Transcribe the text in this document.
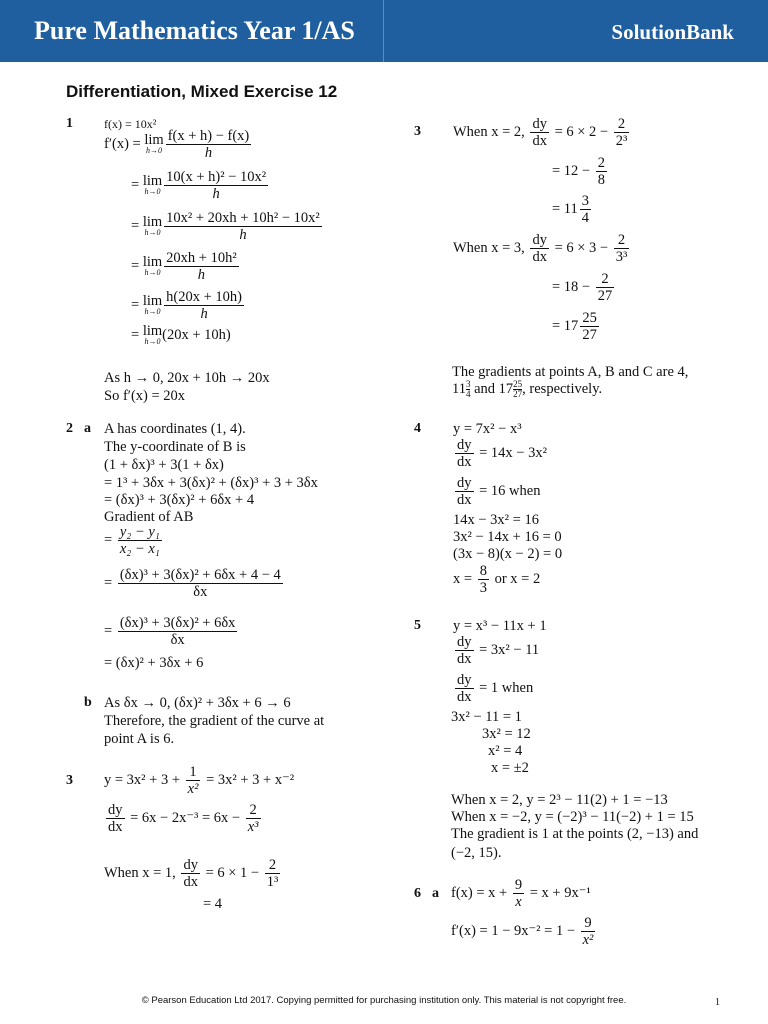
Pure Mathematics Year 1/AS	SolutionBank
Differentiation, Mixed Exercise 12
1	f(x) = 10x²
f′(x) = lim
$h\to 0 \frac{f(x + h) - f(x)}{h}$
= lim
$h\to 0 \frac{\text{10(x + h)² − 10x²}}{h}$
= lim
$h\to 0 \frac{\text{10x² + 20xh + 10h² − 10x²}}{h}$
= lim
$h\to 0 \frac{\text{20xh + 10h²}}{h}$
= lim
$h\to 0 \frac{h(20x + 10h)}{h}$
= lim
h→0 (20x + 10h)
As h → 0, 20x + 10h → 20x
So f′(x) = 20x
2 a A has coordinates (1, 4).
The y-coordinate of B is
(1 + δx)³ + 3(1 + δx)
= 1³ + 3δx + 3(δx)² + (δx)³ + 3 + 3δx
= (δx)³ + 3(δx)² + 6δx + 4
Gradient of AB
= $\frac{\text{y₂ − y₁}}{\text{x₂ − x₁}}$
= $\frac{\text{(δx)³ + 3(δx)² + 6δx + 4 − 4}}{\delta x}$
= $\frac{\text{(δx)³ + 3(δx)² + 6δx}}{\delta x}$
= (δx)² + 3δx + 6
b As δx → 0, (δx)² + 3δx + 6 → 6
Therefore, the gradient of the curve at
point A is 6.
3 $y = 3x^2 + 3 + \frac{1}{\text{x²}} = 3x^2 + 3 + x^{-2}$
$\frac{dy}{dx} = 6x - 2x^{-3} = 6x - \frac{2}{\text{x³}}$
When x = 1, $\frac{dy}{dx} = 6 \times 1 - \frac{2}{\text{1³}}$
= 4
3 When x = 2, $\frac{dy}{dx} = 6 \times 2 - \frac{2}{\text{2³}}$
= $12 - \frac{2}{8}$
= $11 \frac{3}{4}$
When x = 3, $\frac{dy}{dx} = 6 \times 3 - \frac{2}{\text{3³}}$
= $18 - \frac{2}{27}$
= $17 \frac{25}{27}$
The gradients at points A, B and C are 4,
$11 \frac{3}{4}$ and $17 \frac{25}{27}$ , respectively.
4 y = 7x² − x³
$\frac{dy}{dx} = 14x - 3x^2$
$\frac{dy}{dx} = 16$ when
14x − 3x² = 16
3x² − 14x + 16 = 0
(3x − 8)(x − 2) = 0
$x = \frac{8}{3}$ or x = 2
5 y = x³ − 11x + 1
$\frac{dy}{dx} = 3x^2 - 11$
$\frac{dy}{dx} = 1$ when
3x² − 11 = 1
3x² = 12
x² = 4
x = ±2
When x = 2, y = 2³ − 11(2) + 1 = −13
When x = −2, y = (−2)³ − 11(−2) + 1 = 15
The gradient is 1 at the points (2, −13) and
(−2, 15).
6 a $f(x) = x + \frac{9}{x} = x + 9x^{-1}$
$f'(x) = 1 - 9x^{-2} = 1 - \frac{9}{\text{x²}}$
© Pearson Education Ltd 2017. Copying permitted for purchasing institution only. This material is not copyright free.	1
